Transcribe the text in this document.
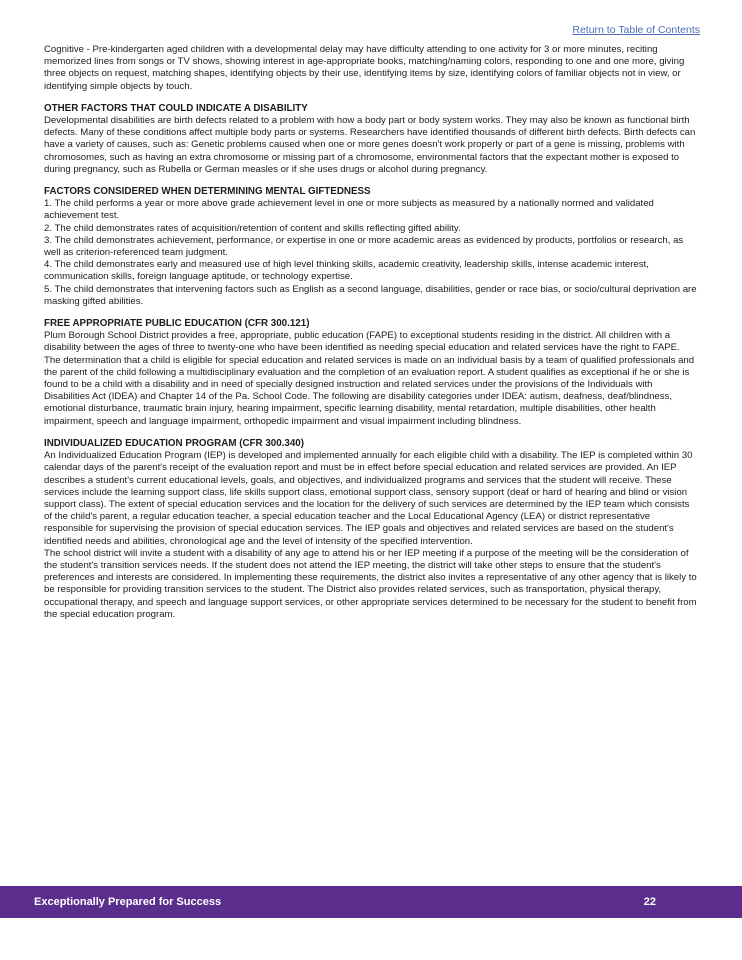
Return to Table of Contents

Cognitive - Pre-kindergarten aged children with a developmental delay may have difficulty attending to one activity for 3 or more minutes, reciting memorized lines from songs or TV shows, showing interest in age-appropriate books, matching/naming colors, responding to one and one more, giving three objects on request, matching shapes, identifying objects by their use, identifying items by size, identifying colors of familiar objects not in view, or identifying simple objects by touch.

OTHER FACTORS THAT COULD INDICATE A DISABILITY

Developmental disabilities are birth defects related to a problem with how a body part or body system works. They may also be known as functional birth defects. Many of these conditions affect multiple body parts or systems. Researchers have identified thousands of different birth defects. Birth defects can have a variety of causes, such as: Genetic problems caused when one or more genes doesn't work properly or part of a gene is missing, problems with chromosomes, such as having an extra chromosome or missing part of a chromosome, environmental factors that the expectant mother is exposed to during pregnancy, such as Rubella or German measles or if she uses drugs or alcohol during pregnancy.

FACTORS CONSIDERED WHEN DETERMINING MENTAL GIFTEDNESS

1. The child performs a year or more above grade achievement level in one or more subjects as measured by a nationally normed and validated achievement test.

2. The child demonstrates rates of acquisition/retention of content and skills reflecting gifted ability.

3. The child demonstrates achievement, performance, or expertise in one or more academic areas as evidenced by products, portfolios or research, as well as criterion-referenced team judgment.

4. The child demonstrates early and measured use of high level thinking skills, academic creativity, leadership skills, intense academic interest, communication skills, foreign language aptitude, or technology expertise.

5. The child demonstrates that intervening factors such as English as a second language, disabilities, gender or race bias, or socio/cultural deprivation are masking gifted abilities.

FREE APPROPRIATE PUBLIC EDUCATION (CFR 300.121)

Plum Borough School District provides a free, appropriate, public education (FAPE) to exceptional students residing in the district. All children with a disability between the ages of three to twenty-one who have been identified as needing special education and related services have the right to FAPE. The determination that a child is eligible for special education and related services is made on an individual basis by a team of qualified professionals and the parent of the child following a multidisciplinary evaluation and the completion of an evaluation report. A student qualifies as exceptional if he or she is found to be a child with a disability and in need of specially designed instruction and related services under the provisions of the Individuals with Disabilities Act (IDEA) and Chapter 14 of the Pa. School Code. The following are disability categories under IDEA: autism, deafness, deaf/blindness, emotional disturbance, traumatic brain injury, hearing impairment, specific learning disability, mental retardation, multiple disabilities, other health impairment, speech and language impairment, orthopedic impairment and visual impairment including blindness.

INDIVIDUALIZED EDUCATION PROGRAM (CFR 300.340)

An Individualized Education Program (IEP) is developed and implemented annually for each eligible child with a disability. The IEP is completed within 30 calendar days of the parent's receipt of the evaluation report and must be in effect before special education and related services are provided. An IEP describes a student's current educational levels, goals, and objectives, and individualized programs and services that the student will receive. These services include the learning support class, life skills support class, emotional support class, sensory support (deaf or hard of hearing and blind or vision support class). The extent of special education services and the location for the delivery of such services are determined by the IEP team which consists of the child's parent, a regular education teacher, a special education teacher and the Local Educational Agency (LEA) or district representative responsible for supervising the provision of special education services. The IEP goals and objectives and related services are based on the student's identified needs and abilities, chronological age and the level of intensity of the specified intervention.

The school district will invite a student with a disability of any age to attend his or her IEP meeting if a purpose of the meeting will be the consideration of the student's transition services needs. If the student does not attend the IEP meeting, the district will take other steps to ensure that the student's preferences and interests are considered. In implementing these requirements, the district also invites a representative of any other agency that is likely to be responsible for providing transition services to the student. The District also provides related services, such as transportation, physical therapy, occupational therapy, and speech and language support services, or other appropriate services determined to be necessary for the student to benefit from the special education program.

Exceptionally Prepared for Success	22
